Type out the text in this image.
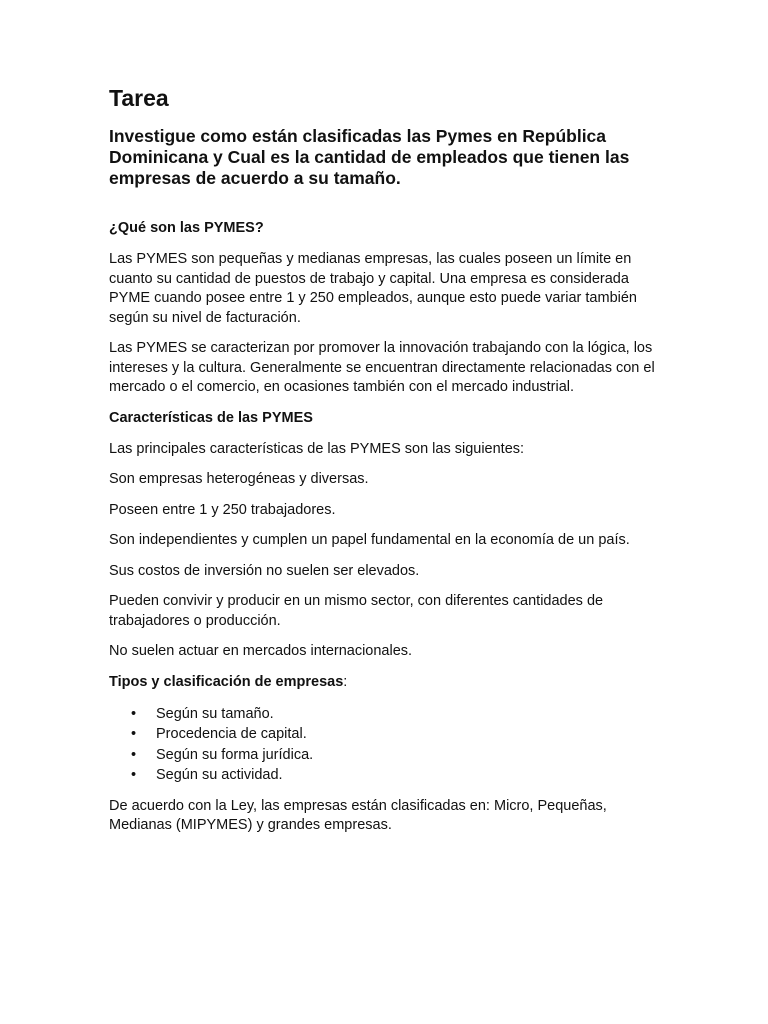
Tarea
Investigue como están clasificadas las Pymes en República Dominicana y Cual es la cantidad de empleados que tienen las empresas de acuerdo a su tamaño.
¿Qué son las PYMES?
Las PYMES son pequeñas y medianas empresas, las cuales poseen un límite en cuanto su cantidad de puestos de trabajo y capital. Una empresa es considerada PYME cuando posee entre 1 y 250 empleados, aunque esto puede variar también según su nivel de facturación.
Las PYMES se caracterizan por promover la innovación trabajando con la lógica, los intereses y la cultura. Generalmente se encuentran directamente relacionadas con el mercado o el comercio, en ocasiones también con el mercado industrial.
Características de las PYMES
Las principales características de las PYMES son las siguientes:
Son empresas heterogéneas y diversas.
Poseen entre 1 y 250 trabajadores.
Son independientes y cumplen un papel fundamental en la economía de un país.
Sus costos de inversión no suelen ser elevados.
Pueden convivir y producir en un mismo sector, con diferentes cantidades de trabajadores o producción.
No suelen actuar en mercados internacionales.
Tipos y clasificación de empresas:
• Según su tamaño.
• Procedencia de capital.
• Según su forma jurídica.
• Según su actividad.
De acuerdo con la Ley, las empresas están clasificadas en: Micro, Pequeñas, Medianas (MIPYMES) y grandes empresas.
